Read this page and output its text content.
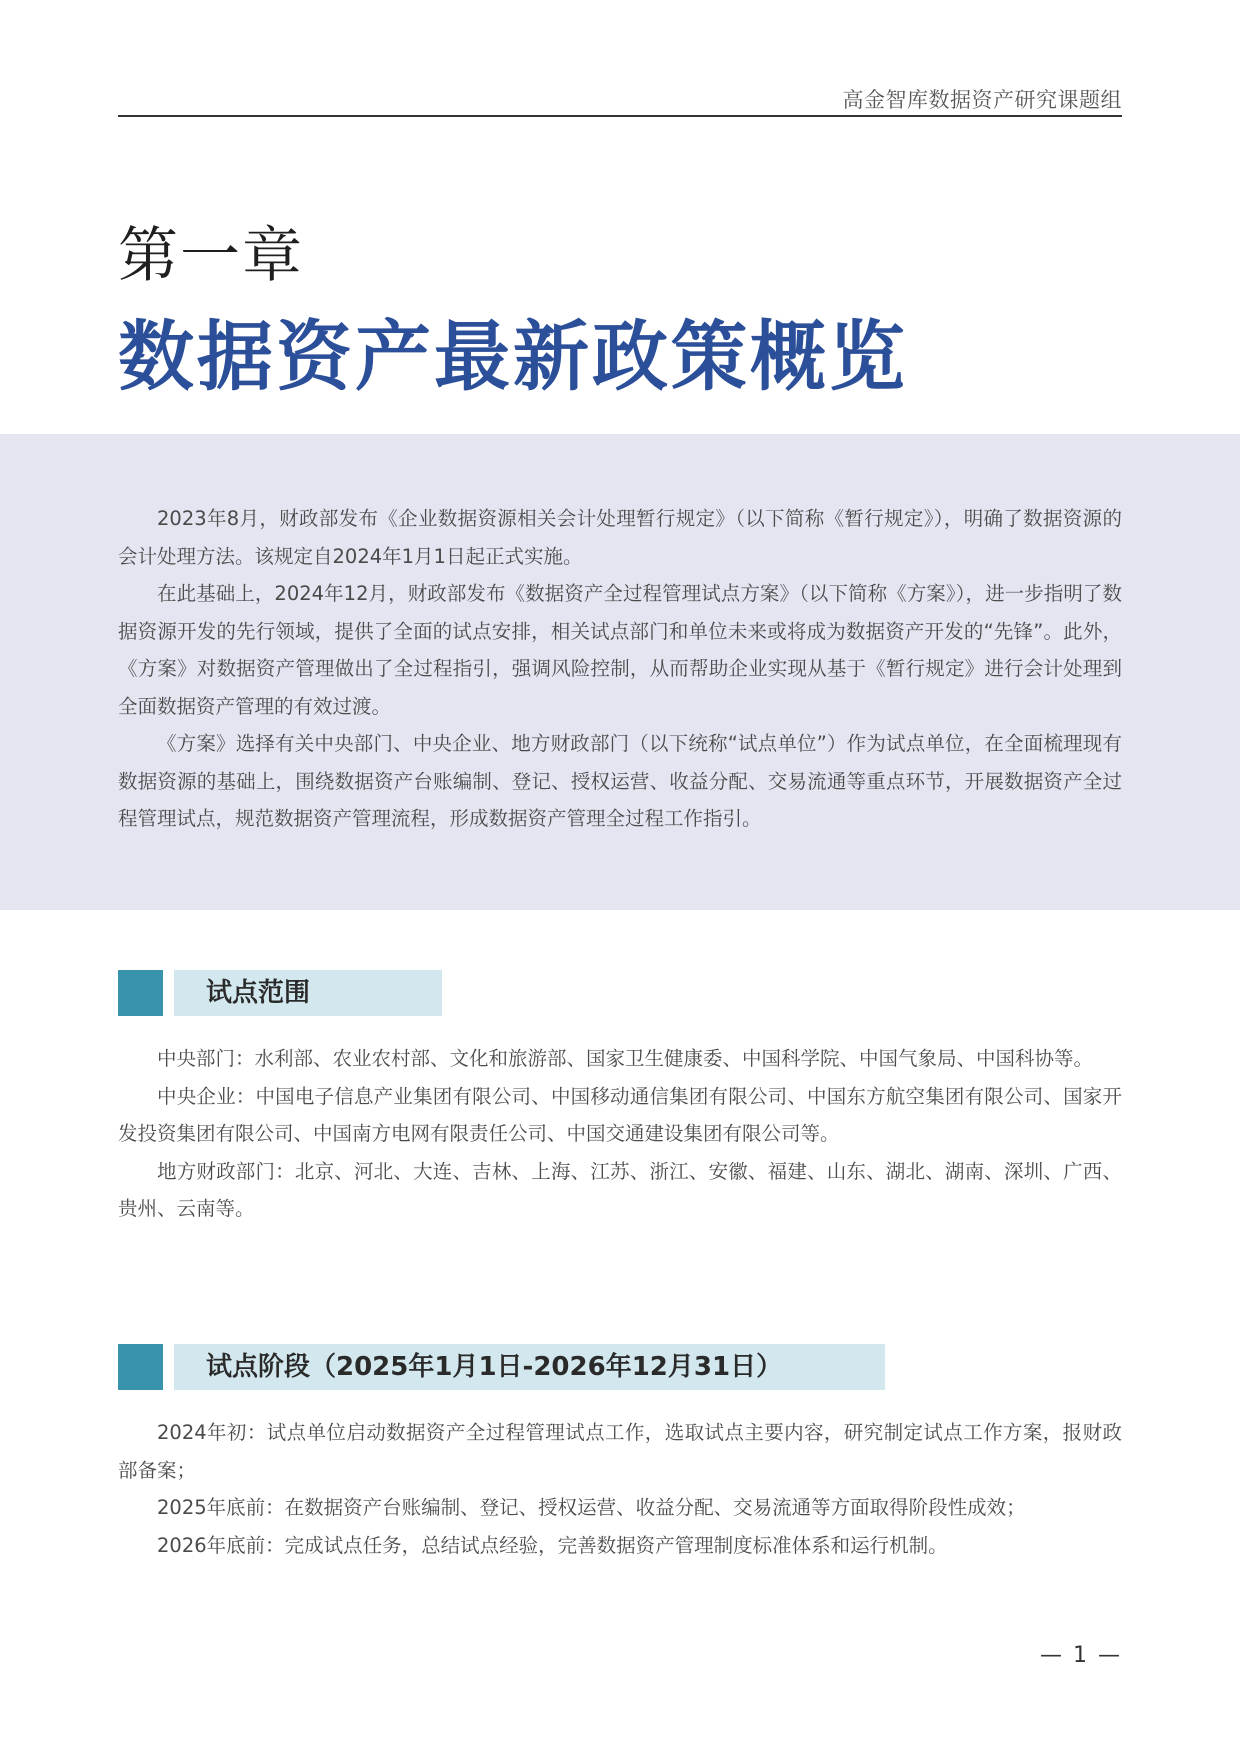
高金智库数据资产研究课题组
第一章
数据资产最新政策概览

2023年8月，财政部发布《企业数据资源相关会计处理暂行规定》（以下简称《暂行规定》），明确了数据资源的会计处理方法。该规定自2024年1月1日起正式实施。

在此基础上，2024年12月，财政部发布《数据资产全过程管理试点方案》（以下简称《方案》），进一步指明了数据资源开发的先行领域，提供了全面的试点安排，相关试点部门和单位未来或将成为数据资产开发的“先锋”。此外，《方案》对数据资产管理做出了全过程指引，强调风险控制，从而帮助企业实现从基于《暂行规定》进行会计处理到全面数据资产管理的有效过渡。

《方案》选择有关中央部门、中央企业、地方财政部门（以下统称“试点单位”）作为试点单位，在全面梳理现有数据资源的基础上，围绕数据资产台账编制、登记、授权运营、收益分配、交易流通等重点环节，开展数据资产全过程管理试点，规范数据资产管理流程，形成数据资产管理全过程工作指引。

试点范围

中央部门：水利部、农业农村部、文化和旅游部、国家卫生健康委、中国科学院、中国气象局、中国科协等。

中央企业：中国电子信息产业集团有限公司、中国移动通信集团有限公司、中国东方航空集团有限公司、国家开发投资集团有限公司、中国南方电网有限责任公司、中国交通建设集团有限公司等。

地方财政部门：北京、河北、大连、吉林、上海、江苏、浙江、安徽、福建、山东、湖北、湖南、深圳、广西、贵州、云南等。

试点阶段（2025年1月1日-2026年12月31日）

2024年初：试点单位启动数据资产全过程管理试点工作，选取试点主要内容，研究制定试点工作方案，报财政部备案；

2025年底前：在数据资产台账编制、登记、授权运营、收益分配、交易流通等方面取得阶段性成效；

2026年底前：完成试点任务，总结试点经验，完善数据资产管理制度标准体系和运行机制。

— 1 —
